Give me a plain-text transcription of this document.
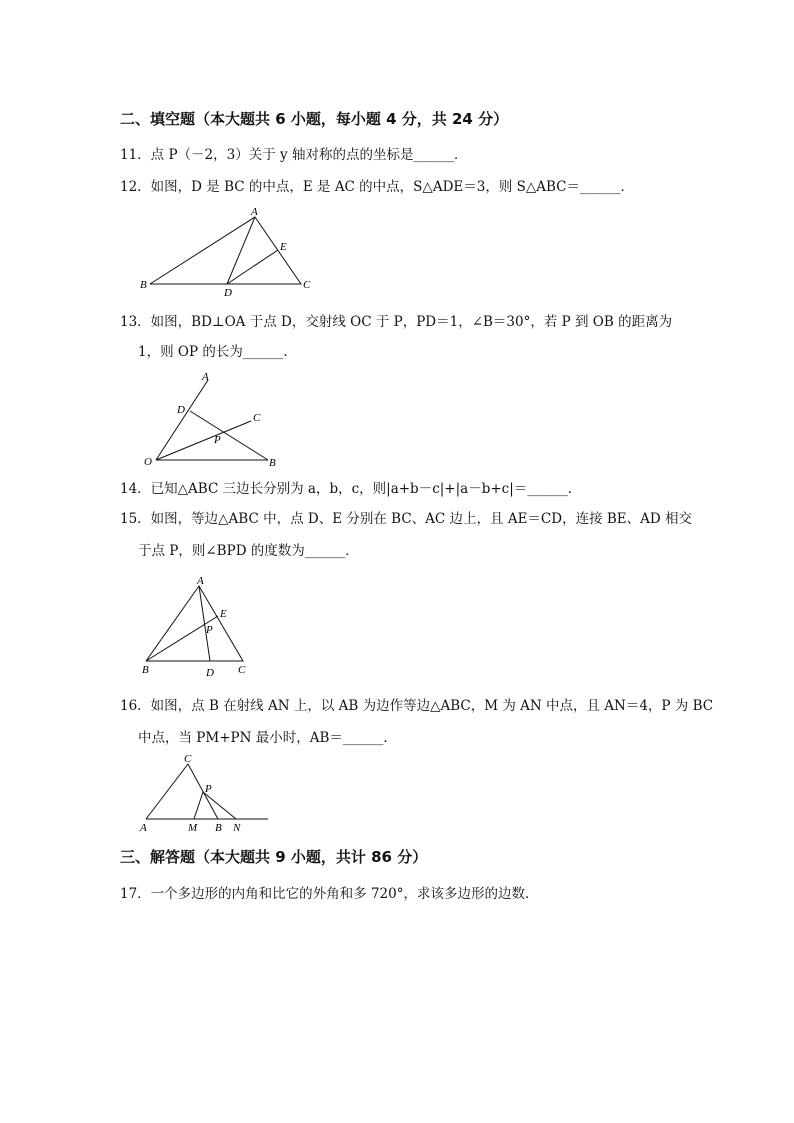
二、填空题（本大题共 6 小题，每小题 4 分，共 24 分）
11．点 P（－2，3）关于 y 轴对称的点的坐标是______．
12．如图，D 是 BC 的中点，E 是 AC 的中点，S△ADE＝3，则 S△ABC＝______．
A
B	C
D
E
13．如图，BD⊥OA 于点 D，交射线 OC 于 P，PD＝1，∠B＝30°，若 P 到 OB 的距离为
1，则 OP 的长为______．
O
A
D
C
P
B
14．已知△ABC 三边长分别为 a，b，c，则|a+b－c|+|a－b+c|＝______．
15．如图，等边△ABC 中，点 D、E 分别在 BC、AC 边上，且 AE＝CD，连接 BE、AD 相交
于点 P，则∠BPD 的度数为______．
A
B	C
D
E
P
16．如图，点 B 在射线 AN 上，以 AB 为边作等边△ABC，M 为 AN 中点，且 AN＝4，P 为 BC
中点，当 PM+PN 最小时，AB＝______．
C
P
A	M B N
三、解答题（本大题共 9 小题，共计 86 分）
17．一个多边形的内角和比它的外角和多 720°，求该多边形的边数．
